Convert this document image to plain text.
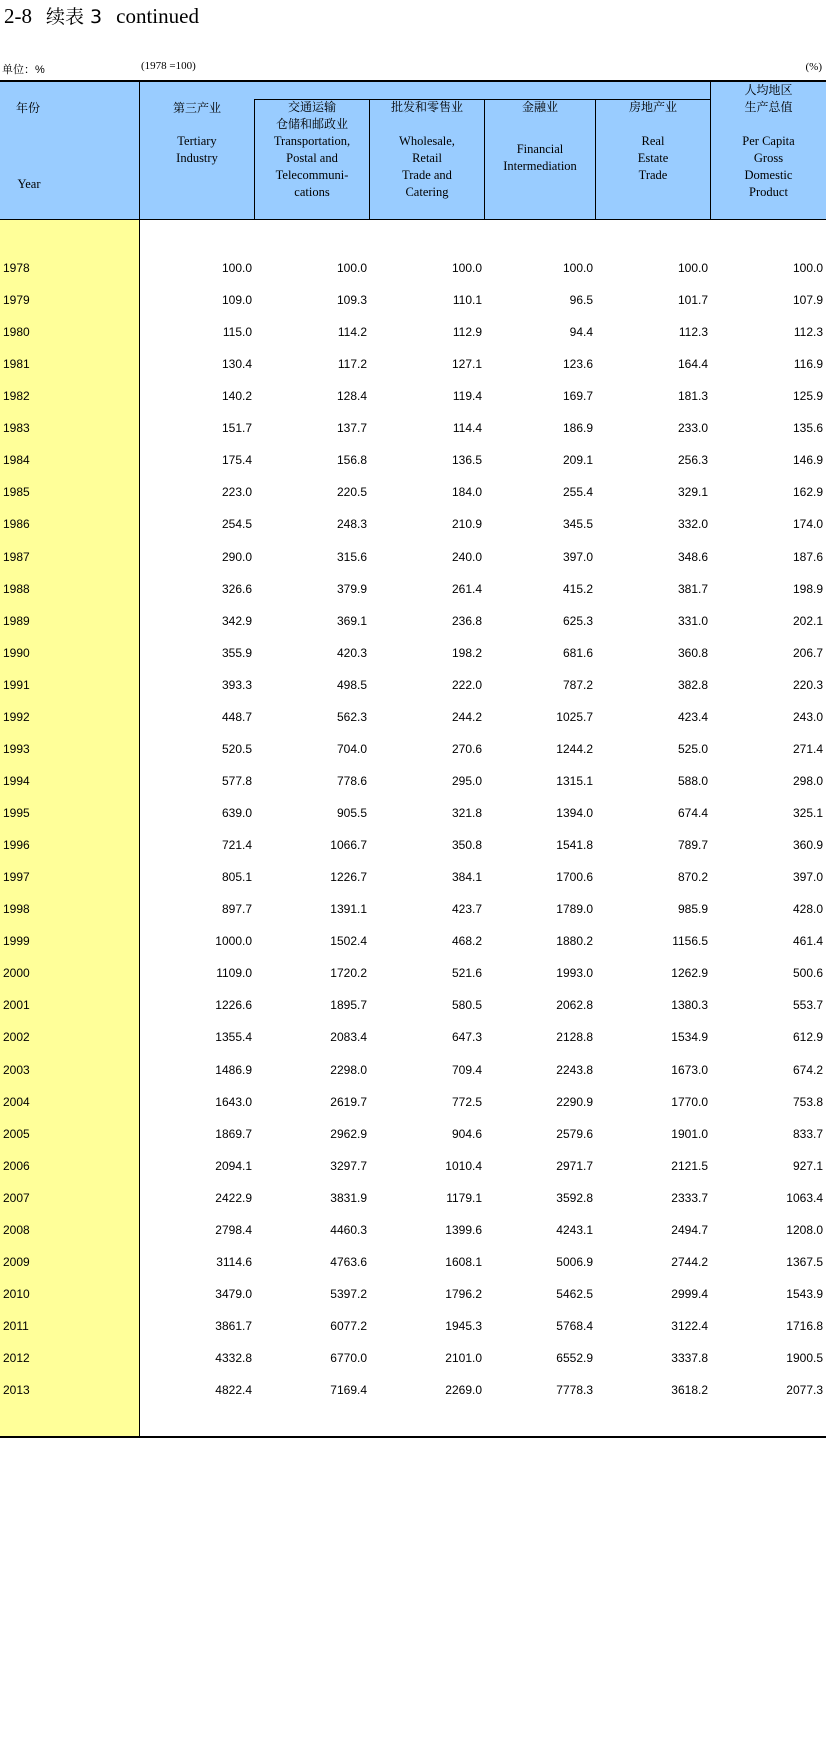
2-8 续表 3 continued
单位：%	(1978 =100)	(%)
年份
Year
第三产业
Tertiary
Industry
交通运输
仓储和邮政业
Transportation,
Postal and
Telecommuni-
cations
批发和零售业
Wholesale,
Retail
Trade and
Catering
金融业
Financial
Intermediation
房地产业
Real
Estate
Trade
人均地区
生产总值
Per Capita
Gross
Domestic
Product
1978	100.0	100.0	100.0	100.0	100.0	100.0
1979	109.0	109.3	110.1	96.5	101.7	107.9
1980	115.0	114.2	112.9	94.4	112.3	112.3
1981	130.4	117.2	127.1	123.6	164.4	116.9
1982	140.2	128.4	119.4	169.7	181.3	125.9
1983	151.7	137.7	114.4	186.9	233.0	135.6
1984	175.4	156.8	136.5	209.1	256.3	146.9
1985	223.0	220.5	184.0	255.4	329.1	162.9
1986	254.5	248.3	210.9	345.5	332.0	174.0
1987	290.0	315.6	240.0	397.0	348.6	187.6
1988	326.6	379.9	261.4	415.2	381.7	198.9
1989	342.9	369.1	236.8	625.3	331.0	202.1
1990	355.9	420.3	198.2	681.6	360.8	206.7
1991	393.3	498.5	222.0	787.2	382.8	220.3
1992	448.7	562.3	244.2	1025.7	423.4	243.0
1993	520.5	704.0	270.6	1244.2	525.0	271.4
1994	577.8	778.6	295.0	1315.1	588.0	298.0
1995	639.0	905.5	321.8	1394.0	674.4	325.1
1996	721.4	1066.7	350.8	1541.8	789.7	360.9
1997	805.1	1226.7	384.1	1700.6	870.2	397.0
1998	897.7	1391.1	423.7	1789.0	985.9	428.0
1999	1000.0	1502.4	468.2	1880.2	1156.5	461.4
2000	1109.0	1720.2	521.6	1993.0	1262.9	500.6
2001	1226.6	1895.7	580.5	2062.8	1380.3	553.7
2002	1355.4	2083.4	647.3	2128.8	1534.9	612.9
2003	1486.9	2298.0	709.4	2243.8	1673.0	674.2
2004	1643.0	2619.7	772.5	2290.9	1770.0	753.8
2005	1869.7	2962.9	904.6	2579.6	1901.0	833.7
2006	2094.1	3297.7	1010.4	2971.7	2121.5	927.1
2007	2422.9	3831.9	1179.1	3592.8	2333.7	1063.4
2008	2798.4	4460.3	1399.6	4243.1	2494.7	1208.0
2009	3114.6	4763.6	1608.1	5006.9	2744.2	1367.5
2010	3479.0	5397.2	1796.2	5462.5	2999.4	1543.9
2011	3861.7	6077.2	1945.3	5768.4	3122.4	1716.8
2012	4332.8	6770.0	2101.0	6552.9	3337.8	1900.5
2013	4822.4	7169.4	2269.0	7778.3	3618.2	2077.3
